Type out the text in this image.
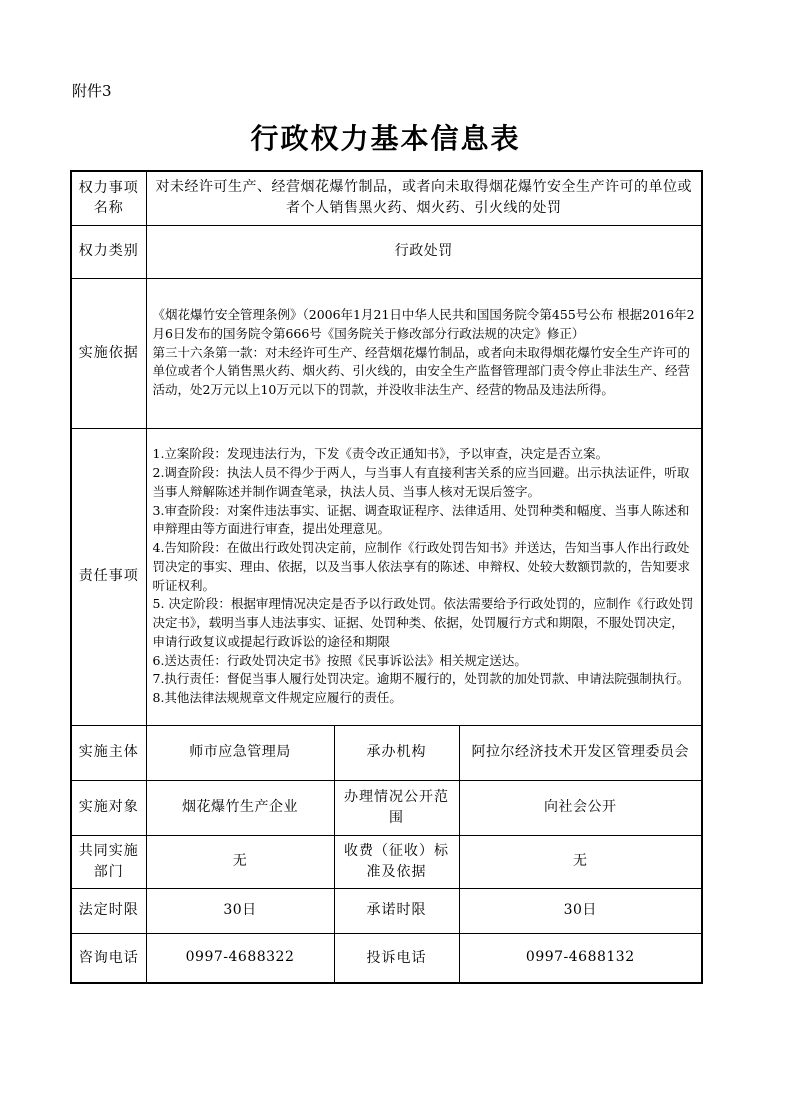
附件3

行政权力基本信息表
权力事项名称	对未经许可生产、经营烟花爆竹制品，或者向未取得烟花爆竹安全生产许可的单位或者个人销售黑火药、烟火药、引火线的处罚		
权力类别	行政处罚		
实施依据	《烟花爆竹安全管理条例》（2006年1月21日中华人民共和国国务院令第455号公布 根据2016年2月6日发布的国务院令第666号《国务院关于修改部分行政法规的决定》修正）

第三十六条第一款：对未经许可生产、经营烟花爆竹制品，或者向未取得烟花爆竹安全生产许可的单位或者个人销售黑火药、烟火药、引火线的，由安全生产监督管理部门责令停止非法生产、经营活动，处2万元以上10万元以下的罚款，并没收非法生产、经营的物品及违法所得。		

责任事项	

1.立案阶段：发现违法行为，下发《责令改正通知书》，予以审查，决定是否立案。

2.调查阶段：执法人员不得少于两人，与当事人有直接利害关系的应当回避。出示执法证件，听取当事人辩解陈述并制作调查笔录，执法人员、当事人核对无误后签字。

3.审查阶段：对案件违法事实、证据、调查取证程序、法律适用、处罚种类和幅度、当事人陈述和申辩理由等方面进行审查，提出处理意见。

4.告知阶段：在做出行政处罚决定前，应制作《行政处罚告知书》并送达，告知当事人作出行政处罚决定的事实、理由、依据，以及当事人依法享有的陈述、申辩权、处较大数额罚款的，告知要求听证权利。

5. 决定阶段：根据审理情况决定是否予以行政处罚。依法需要给予行政处罚的，应制作《行政处罚决定书》，载明当事人违法事实、证据、处罚种类、依据，处罚履行方式和期限，不服处罚决定，申请行政复议或提起行政诉讼的途径和期限

6.送达责任：行政处罚决定书》按照《民事诉讼法》相关规定送达。

7.执行责任：督促当事人履行处罚决定。逾期不履行的，处罚款的加处罚款、申请法院强制执行。

8.其他法律法规规章文件规定应履行的责任。

实施主体	师市应急管理局	承办机构	阿拉尔经济技术开发区管理委员会
实施对象	烟花爆竹生产企业	办理情况公开范围	向社会公开
共同实施部门	无	收费（征收）标准及依据	无
法定时限	30日	承诺时限	30日
咨询电话	0997-4688322	投诉电话	0997-4688132
